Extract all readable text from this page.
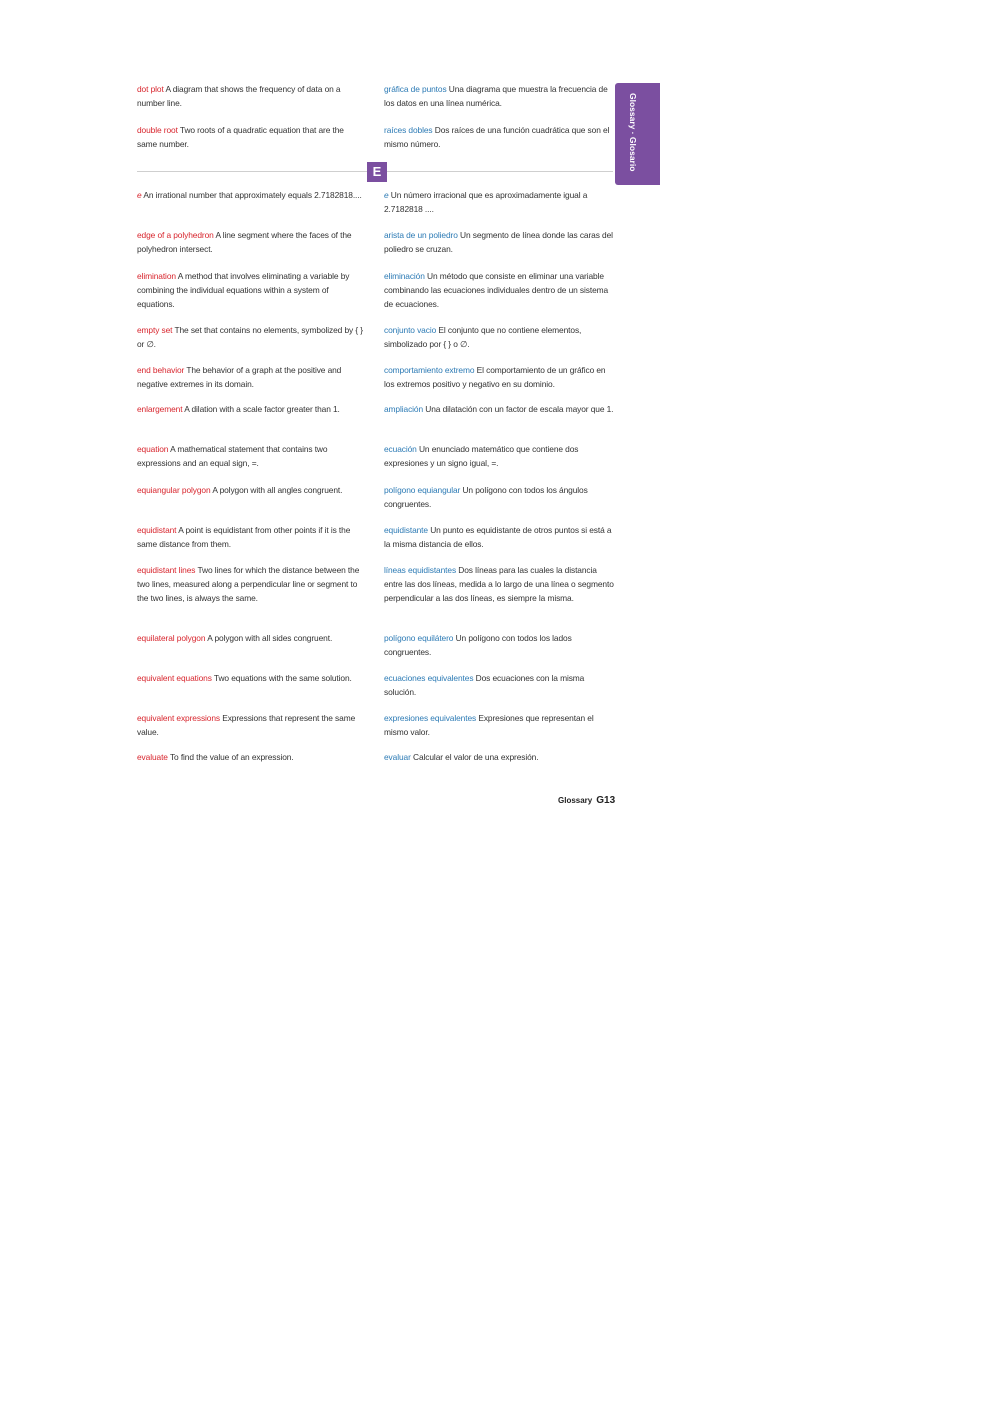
Glossary · Glosario
E
dot plot A diagram that shows the frequency of data on a number line.
double root Two roots of a quadratic equation that are the same number.
e An irrational number that approximately equals 2.7182818....
edge of a polyhedron A line segment where the faces of the polyhedron intersect.
elimination A method that involves eliminating a variable by combining the individual equations within a system of equations.
empty set The set that contains no elements, symbolized by { } or ∅.
end behavior The behavior of a graph at the positive and negative extremes in its domain.
enlargement A dilation with a scale factor greater than 1.
equation A mathematical statement that contains two expressions and an equal sign, =.
equiangular polygon A polygon with all angles congruent.
equidistant A point is equidistant from other points if it is the same distance from them.
equidistant lines Two lines for which the distance between the two lines, measured along a perpendicular line or segment to the two lines, is always the same.
equilateral polygon A polygon with all sides congruent.
equivalent equations Two equations with the same solution.
equivalent expressions Expressions that represent the same value.
evaluate To find the value of an expression.
gráfica de puntos Una diagrama que muestra la frecuencia de los datos en una línea numérica.
raíces dobles Dos raíces de una función cuadrática que son el mismo número.
e Un número irracional que es aproximadamente igual a 2.7182818 ....
arista de un poliedro Un segmento de línea donde las caras del poliedro se cruzan.
eliminación Un método que consiste en eliminar una variable combinando las ecuaciones individuales dentro de un sistema de ecuaciones.
conjunto vacio El conjunto que no contiene elementos, simbolizado por { } o ∅.
comportamiento extremo El comportamiento de un gráfico en los extremos positivo y negativo en su dominio.
ampliación Una dilatación con un factor de escala mayor que 1.
ecuación Un enunciado matemático que contiene dos expresiones y un signo igual, =.
polígono equiangular Un polígono con todos los ángulos congruentes.
equidistante Un punto es equidistante de otros puntos si está a la misma distancia de ellos.
líneas equidistantes Dos líneas para las cuales la distancia entre las dos líneas, medida a lo largo de una línea o segmento perpendicular a las dos líneas, es siempre la misma.
polígono equilátero Un polígono con todos los lados congruentes.
ecuaciones equivalentes Dos ecuaciones con la misma solución.
expresiones equivalentes Expresiones que representan el mismo valor.
evaluar Calcular el valor de una expresión.
Glossary G13
